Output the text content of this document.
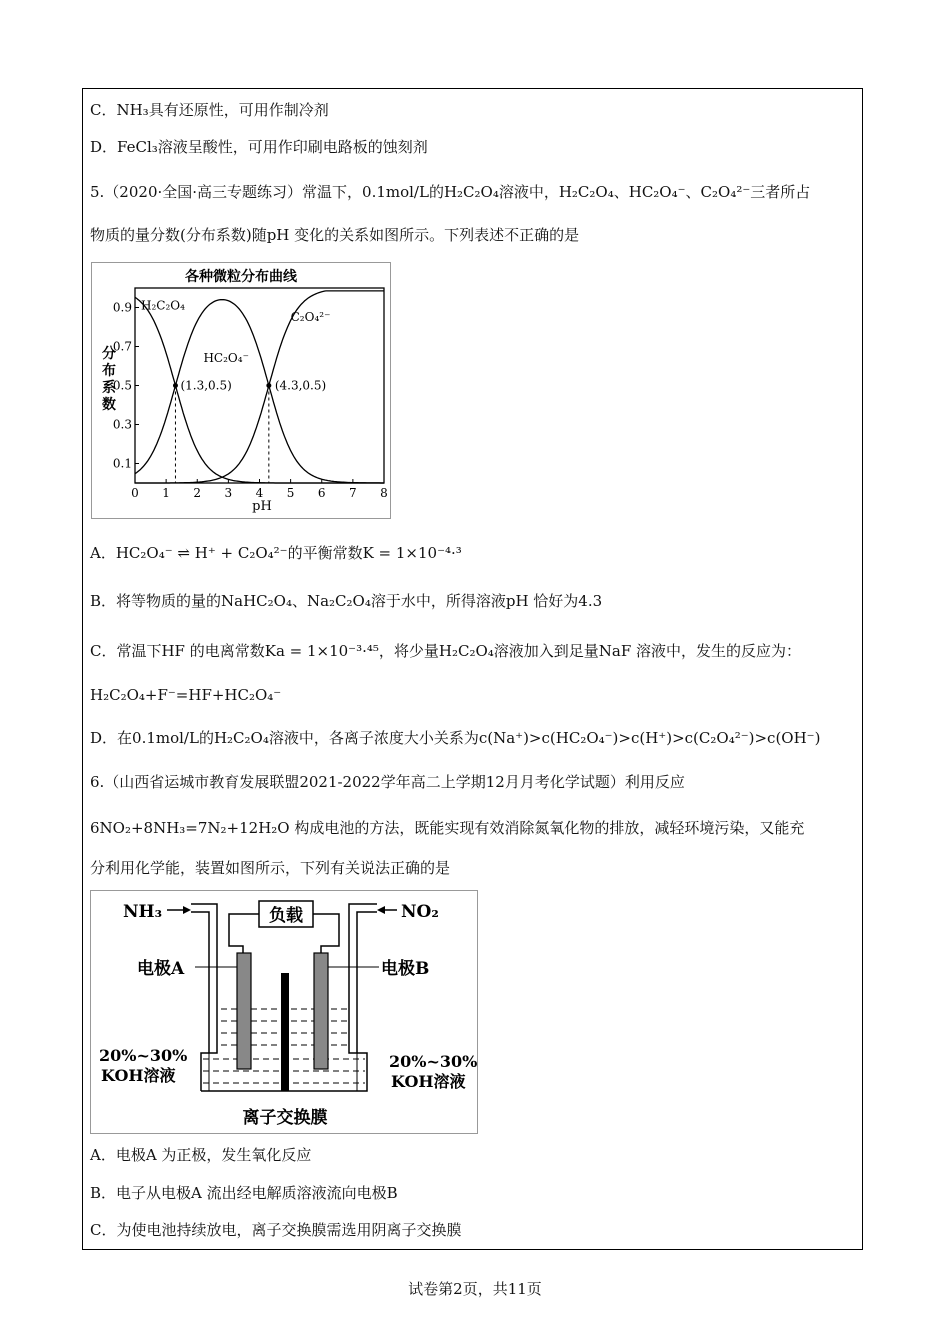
C．NH₃具有还原性，可用作制冷剂
D．FeCl₃溶液呈酸性，可用作印刷电路板的蚀刻剂
5.（2020·全国·高三专题练习）常温下，0.1mol/L的H₂C₂O₄溶液中，H₂C₂O₄、HC₂O₄⁻、C₂O₄²⁻三者所占
物质的量分数(分布系数)随pH 变化的关系如图所示。下列表述不正确的是
各种微粒分布曲线
分
布
系
数
pH
0.1
0.3
0.5
0.7
0.9
0 1 2 3 4 5 6 7 8
(1.3,0.5)	(4.3,0.5)
H₂C₂O₄
HC₂O₄⁻
C₂O₄²⁻
A．HC₂O₄⁻ ⇌ H⁺ + C₂O₄²⁻的平衡常数K = 1×10⁻⁴·³
B．将等物质的量的NaHC₂O₄、Na₂C₂O₄溶于水中，所得溶液pH 恰好为4.3
C．常温下HF 的电离常数Ka = 1×10⁻³·⁴⁵，将少量H₂C₂O₄溶液加入到足量NaF 溶液中，发生的反应为：
H₂C₂O₄+F⁻=HF+HC₂O₄⁻
D．在0.1mol/L的H₂C₂O₄溶液中，各离子浓度大小关系为c(Na⁺)>c(HC₂O₄⁻)>c(H⁺)>c(C₂O₄²⁻)>c(OH⁻)
6.（山西省运城市教育发展联盟2021-2022学年高二上学期12月月考化学试题）利用反应
6NO₂+8NH₃=7N₂+12H₂O 构成电池的方法，既能实现有效消除氮氧化物的排放，减轻环境污染，又能充
分利用化学能，装置如图所示，下列有关说法正确的是
NH₃	NO₂
负载
电极A	电极B
20%~30%
KOH溶液
20%~30%
KOH溶液
离子交换膜
A．电极A 为正极，发生氧化反应
B．电子从电极A 流出经电解质溶液流向电极B
C．为使电池持续放电，离子交换膜需选用阴离子交换膜
试卷第2页，共11页
